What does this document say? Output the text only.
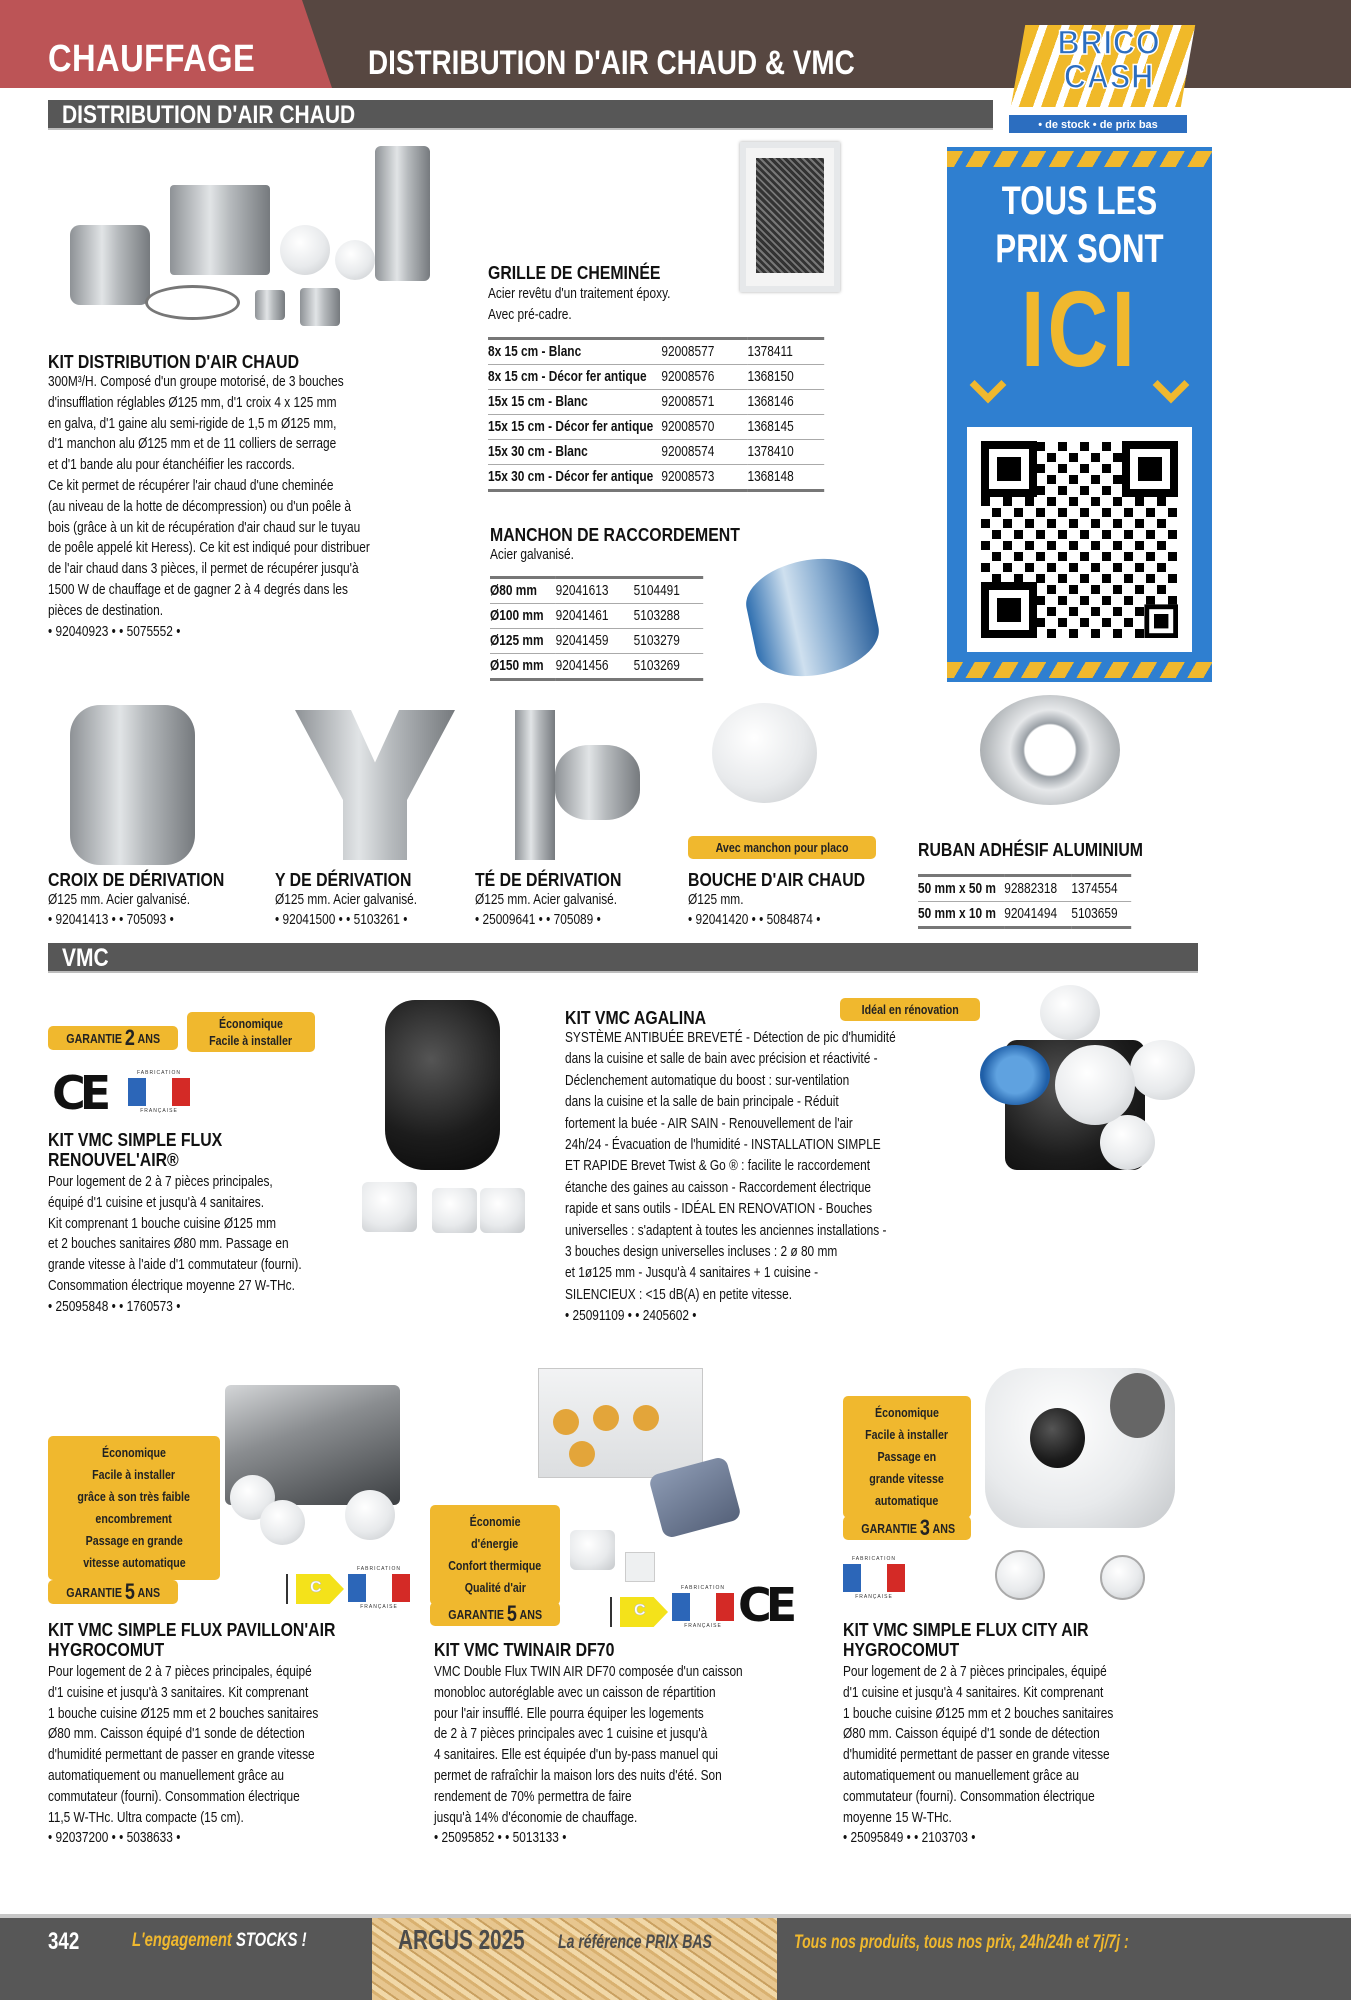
CHAUFFAGE	DISTRIBUTION D'AIR CHAUD & VMC
BRICO
CASH
• de stock • de prix bas
DISTRIBUTION D'AIR CHAUD
KIT DISTRIBUTION D'AIR CHAUD

300M³/H. Composé d'un groupe motorisé, de 3 bouches

d'insufflation réglables Ø125 mm, d'1 croix 4 x 125 mm

en galva, d'1 gaine alu semi-rigide de 1,5 m Ø125 mm,

d'1 manchon alu Ø125 mm et de 11 colliers de serrage

et d'1 bande alu pour étanchéifier les raccords.

Ce kit permet de récupérer l'air chaud d'une cheminée

(au niveau de la hotte de décompression) ou d'un poêle à

bois (grâce à un kit de récupération d'air chaud sur le tuyau

de poêle appelé kit Heress). Ce kit est indiqué pour distribuer

de l'air chaud dans 3 pièces, il permet de récupérer jusqu'à

1500 W de chauffage et de gagner 2 à 4 degrés dans les

pièces de destination.

• 92040923 • • 5075552 •

GRILLE DE CHEMINÉE

Acier revêtu d'un traitement époxy.

Avec pré-cadre.

8x 15 cm - Blanc	92008577	1378411
8x 15 cm - Décor fer antique	92008576	1368150
15x 15 cm - Blanc	92008571	1368146
15x 15 cm - Décor fer antique	92008570	1368145
15x 30 cm - Blanc	92008574	1378410
15x 30 cm - Décor fer antique	92008573	1368148
MANCHON DE RACCORDEMENT

Acier galvanisé.

Ø80 mm	92041613	5104491
Ø100 mm	92041461	5103288
Ø125 mm	92041459	5103279
Ø150 mm	92041456	5103269
TOUS LES
PRIX SONT
ICI
CROIX DE DÉRIVATION
Ø125 mm. Acier galvanisé.
• 92041413 • • 705093 •
Y DE DÉRIVATION
Ø125 mm. Acier galvanisé.
• 92041500 • • 5103261 •
TÉ DE DÉRIVATION
Ø125 mm. Acier galvanisé.
• 25009641 • • 705089 •
Avec manchon pour placo
BOUCHE D'AIR CHAUD
Ø125 mm.
• 92041420 • • 5084874 •
RUBAN ADHÉSIF ALUMINIUM
50 mm x 50 m	92882318	1374554
50 mm x 10 m	92041494	5103659
VMC
GARANTIE 2 ANS
Économique
Facile à installer
CE	FABRICATION
FRANÇAISE
KIT VMC SIMPLE FLUX
RENOUVEL'AIR®

Pour logement de 2 à 7 pièces principales,

équipé d'1 cuisine et jusqu'à 4 sanitaires.

Kit comprenant 1 bouche cuisine Ø125 mm

et 2 bouches sanitaires Ø80 mm. Passage en

grande vitesse à l'aide d'1 commutateur (fourni).

Consommation électrique moyenne 27 W-THc.

• 25095848 • • 1760573 •

Idéal en rénovation
KIT VMC AGALINA

SYSTÈME ANTIBUÉE BREVETÉ - Détection de pic d'humidité

dans la cuisine et salle de bain avec précision et réactivité -

Déclenchement automatique du boost : sur-ventilation

dans la cuisine et la salle de bain principale - Réduit

fortement la buée - AIR SAIN - Renouvellement de l'air

24h/24 - Évacuation de l'humidité - INSTALLATION SIMPLE

ET RAPIDE Brevet Twist & Go ® : facilite le raccordement

étanche des gaines au caisson - Raccordement électrique

rapide et sans outils - IDÉAL EN RENOVATION - Bouches

universelles : s'adaptent à toutes les anciennes installations -

3 bouches design universelles incluses : 2 ø 80 mm

et 1ø125 mm - Jusqu'à 4 sanitaires + 1 cuisine -

SILENCIEUX : <15 dB(A) en petite vitesse.

• 25091109 • • 2405602 •

Économique
Facile à installer
grâce à son très faible
encombrement
Passage en grande
vitesse automatique
GARANTIE 5 ANS	C
FABRICATION
FRANÇAISE
KIT VMC SIMPLE FLUX PAVILLON'AIR
HYGROCOMUT

Pour logement de 2 à 7 pièces principales, équipé

d'1 cuisine et jusqu'à 3 sanitaires. Kit comprenant

1 bouche cuisine Ø125 mm et 2 bouches sanitaires

Ø80 mm. Caisson équipé d'1 sonde de détection

d'humidité permettant de passer en grande vitesse

automatiquement ou manuellement grâce au

commutateur (fourni). Consommation électrique

11,5 W-THc. Ultra compacte (15 cm).

• 92037200 • • 5038633 •

Économie
d'énergie
Confort thermique
Qualité d'air
GARANTIE 5 ANS	C
FABRICATION
FRANÇAISE CE
KIT VMC TWINAIR DF70

VMC Double Flux TWIN AIR DF70 composée d'un caisson

monobloc autoréglable avec un caisson de répartition

pour l'air insufflé. Elle pourra équiper les logements

de 2 à 7 pièces principales avec 1 cuisine et jusqu'à

4 sanitaires. Elle est équipée d'un by-pass manuel qui

permet de rafraîchir la maison lors des nuits d'été. Son

rendement de 70% permettra de faire

jusqu'à 14% d'économie de chauffage.

• 25095852 • • 5013133 •

Économique
Facile à installer
Passage en
grande vitesse
automatique
GARANTIE 3 ANS
FABRICATION
FRANÇAISE
KIT VMC SIMPLE FLUX CITY AIR
HYGROCOMUT

Pour logement de 2 à 7 pièces principales, équipé

d'1 cuisine et jusqu'à 4 sanitaires. Kit comprenant

1 bouche cuisine Ø125 mm et 2 bouches sanitaires

Ø80 mm. Caisson équipé d'1 sonde de détection

d'humidité permettant de passer en grande vitesse

automatiquement ou manuellement grâce au

commutateur (fourni). Consommation électrique

moyenne 15 W-THc.

• 25095849 • • 2103703 •

342	L'engagement STOCKS !	ARGUS 2025 La référence PRIX BAS	Tous nos produits, tous nos prix, 24h/24h et 7j/7j :
